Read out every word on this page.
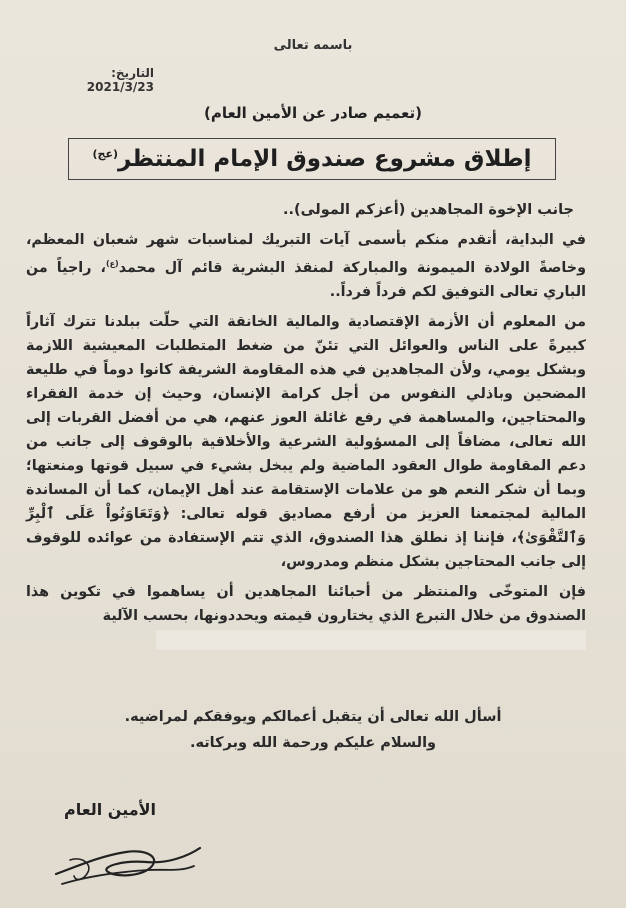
باسمه تعالى
التاريخ: 2021/3/23
(تعميم صادر عن الأمين العام)
إطلاق مشروع صندوق الإمام المنتظر$^{(عج)}$
جانب الإخوة المجاهدين (أعزكم المولى)..

في البداية، أتقدم منكم بأسمى آيات التبريك لمناسبات شهر شعبان المعظم، وخاصةً الولادة الميمونة والمباركة لمنقذ البشرية قائم آل محمد$^{(ع)}$، راجياً من الباري تعالى التوفيق لكم فرداً فرداً..

من المعلوم أن الأزمة الإقتصادية والمالية الخانقة التي حلّت ببلدنا تترك آثاراً كبيرةً على الناس والعوائل التي تئنّ من ضغط المتطلبات المعيشية اللازمة وبشكل يومي، ولأن المجاهدين في هذه المقاومة الشريفة كانوا دوماً في طليعة المضحين وباذلي النفوس من أجل كرامة الإنسان، وحيث إن خدمة الفقراء والمحتاجين، والمساهمة في رفع غائلة العوز عنهم، هي من أفضل القربات إلى الله تعالى، مضافاً إلى المسؤولية الشرعية والأخلاقية بالوقوف إلى جانب من دعم المقاومة طوال العقود الماضية ولم يبخل بشيء في سبيل قوتها ومنعتها؛ وبما أن شكر النعم هو من علامات الإستقامة عند أهل الإيمان، كما أن المساندة المالية لمجتمعنا العزيز من أرفع مصاديق قوله تعالى: ﴿وَتَعَاوَنُواْ عَلَى ٱلْبِرِّ وَٱلتَّقْوَىٰ﴾، فإننا إذ نطلق هذا الصندوق، الذي تتم الإستفادة من عوائده للوقوف إلى جانب المحتاجين بشكل منظم ومدروس،

فإن المتوخّى والمنتظر من أحبائنا المجاهدين أن يساهموا في تكوين هذا الصندوق من خلال التبرع الذي يختارون قيمته ويحددونها، بحسب الآلية

أسأل الله تعالى أن يتقبل أعمالكم ويوفقكم لمراضيه.
والسلام عليكم ورحمة الله وبركاته.
الأمين العام
